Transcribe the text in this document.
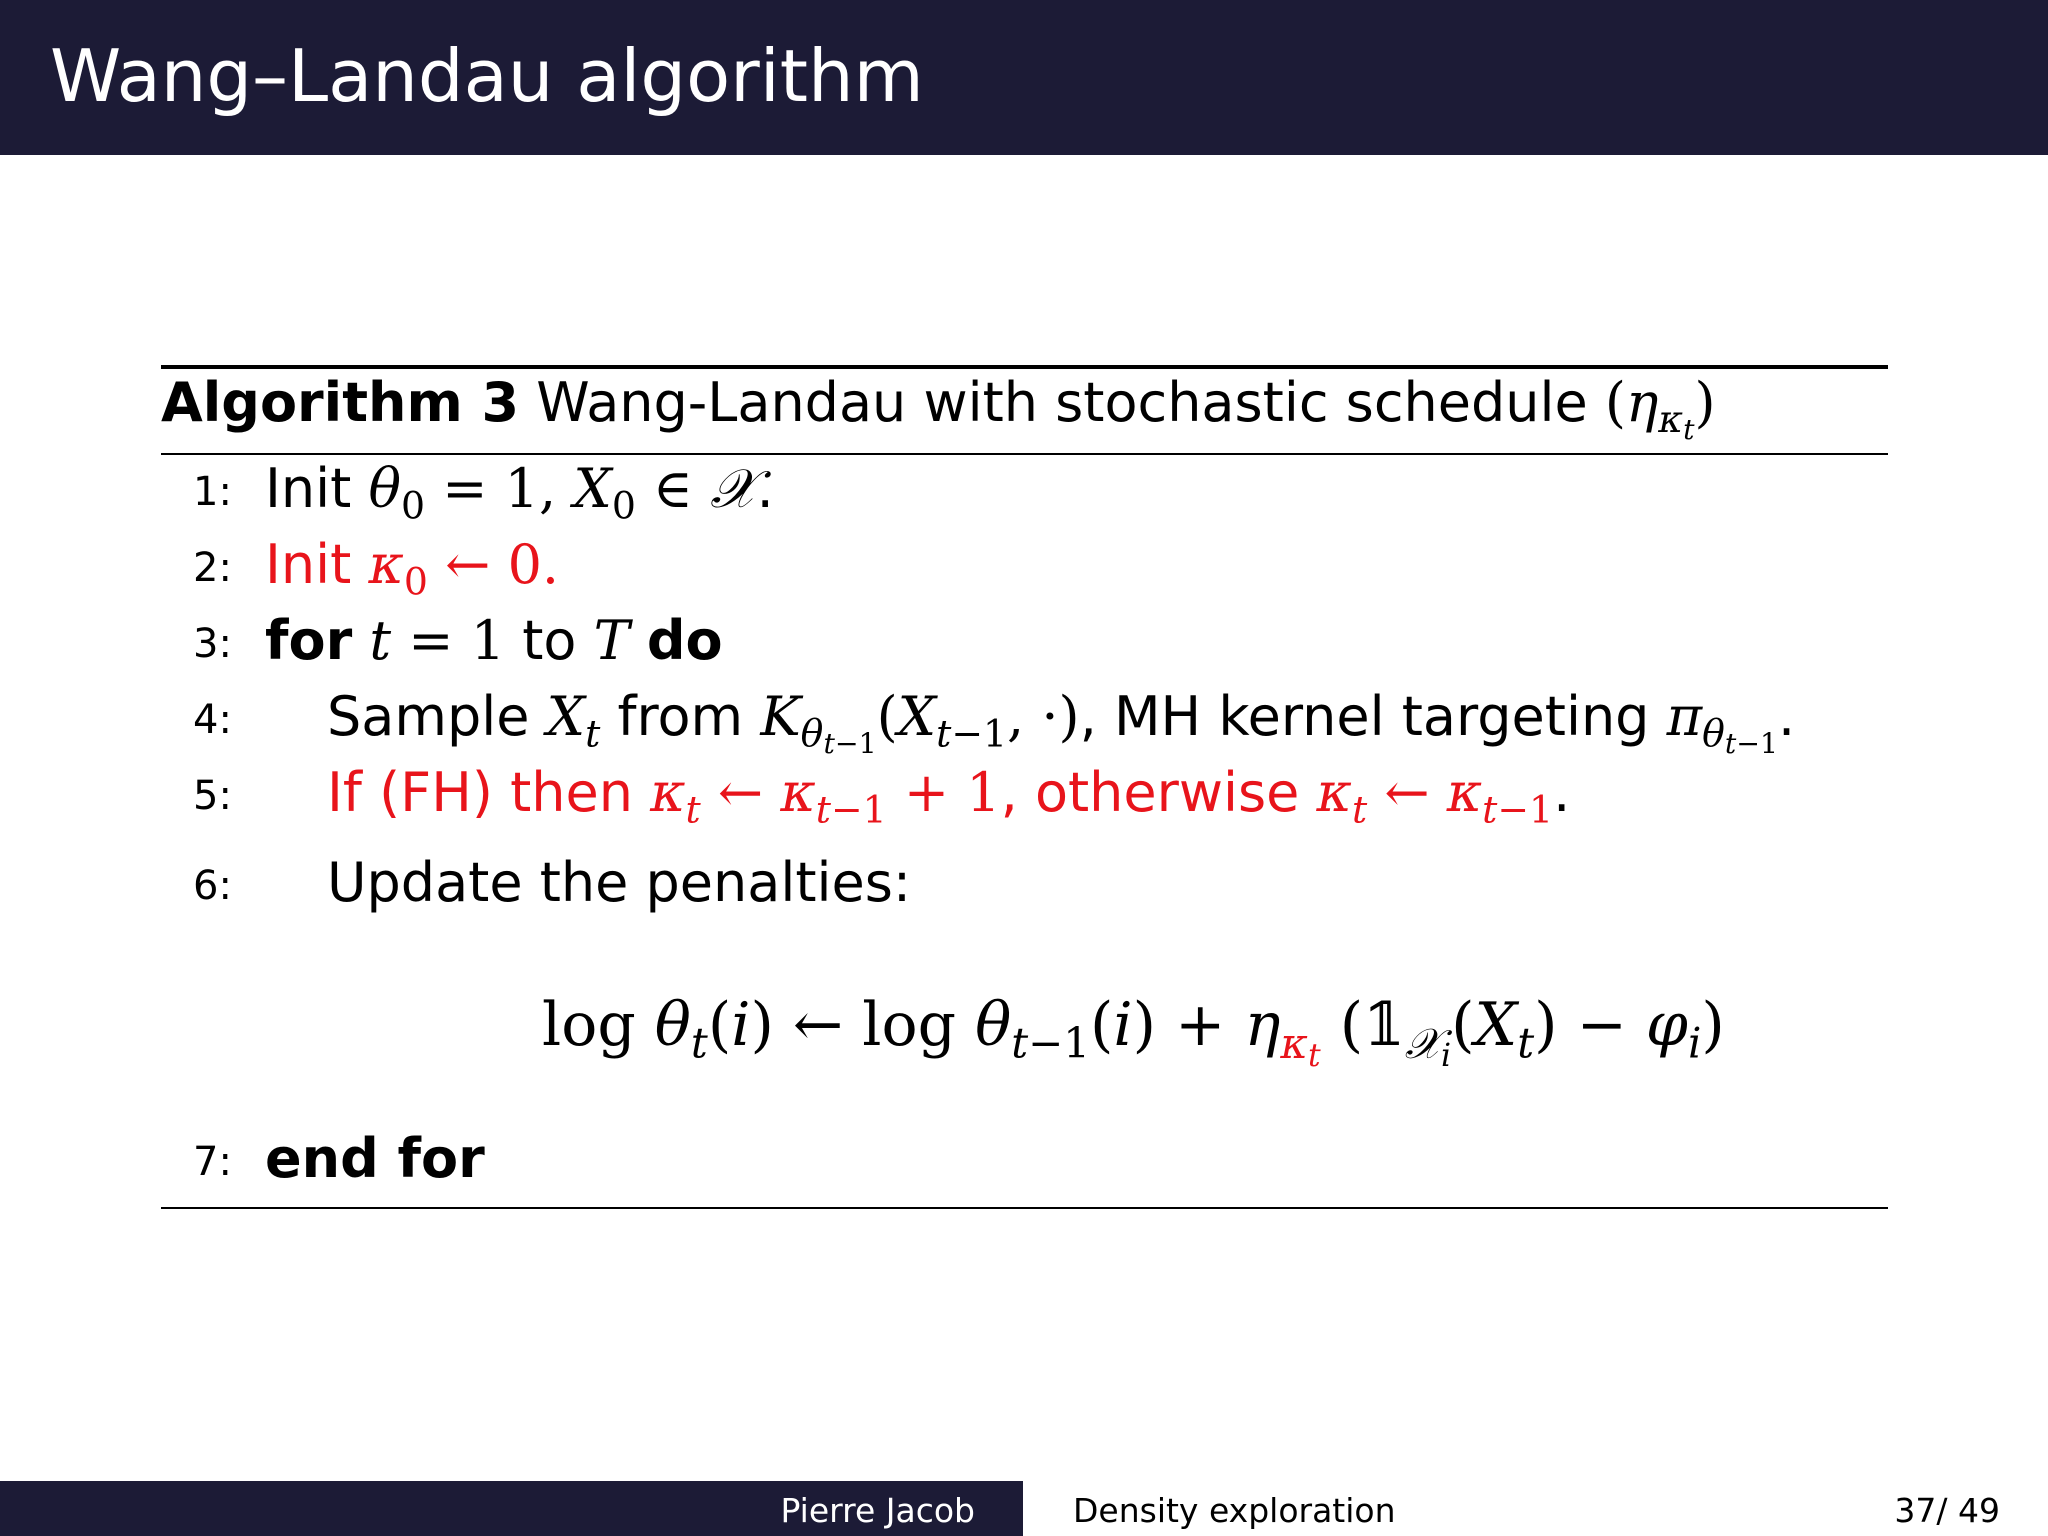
Wang–Landau algorithm
Algorithm 3 Wang-Landau with stochastic schedule $(\eta_{\kappa t})$
1: Init $\theta_0 = 1$, $X_0$ ∈ 𝒳.
2: Init $\kappa_0$ ← 0.
3: for t = 1 to T do
4:	Sample $X_t$ from $K_{\theta t-1}(X_{t-1}$, ·), MH kernel targeting $\pi_{\theta t-1}$.
5:	If (FH) then $\kappa_t$ ← $\kappa_{t-1} + 1$, otherwise $\kappa_t$ ← $\kappa_{t-1}$.
6:	Update the penalties:
$\log \theta_t(i)$ ← $\log \theta_{t-1}(i) + \eta_{\kappa t}$ $(𝟙_{𝒳i}(X_t) - \varphi_i)$
7: end for
Pierre Jacob	Density exploration	37/ 49
